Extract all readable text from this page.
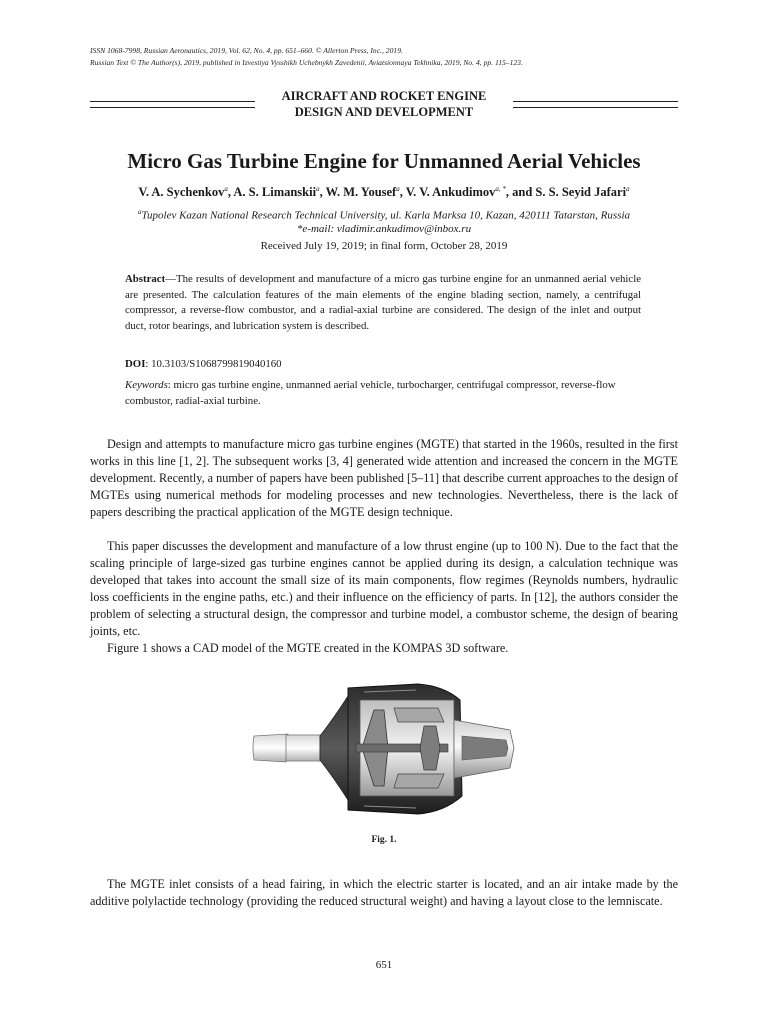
ISSN 1068-7998, Russian Aeronautics, 2019, Vol. 62, No. 4, pp. 651–660. © Allerton Press, Inc., 2019.
Russian Text © The Author(s), 2019, published in Izvestiya Vysshikh Uchebnykh Zavedenii, Aviatsionnaya Tekhnika, 2019, No. 4, pp. 115–123.
AIRCRAFT AND ROCKET ENGINE
DESIGN AND DEVELOPMENT
Micro Gas Turbine Engine for Unmanned Aerial Vehicles
V. A. Sychenkov$^a$, A. S. Limanskii$^a$, W. M. Yousef$^a$, V. V. Ankudimov$^{a, *}$, and S. S. Seyid Jafari$^a$
$^a$Tupolev Kazan National Research Technical University, ul. Karla Marksa 10, Kazan, 420111 Tatarstan, Russia
*e-mail: vladimir.ankudimov@inbox.ru
Received July 19, 2019; in final form, October 28, 2019
Abstract—The results of development and manufacture of a micro gas turbine engine for an unmanned aerial vehicle are presented. The calculation features of the main elements of the engine blading section, namely, a centrifugal compressor, a reverse-flow combustor, and a radial-axial turbine are considered. The design of the inlet and output duct, rotor bearings, and lubrication system is described.
DOI: 10.3103/S1068799819040160
Keywords: micro gas turbine engine, unmanned aerial vehicle, turbocharger, centrifugal compressor, reverse-flow combustor, radial-axial turbine.
Design and attempts to manufacture micro gas turbine engines (MGTE) that started in the 1960s, resulted in the first works in this line [1, 2]. The subsequent works [3, 4] generated wide attention and increased the concern in the MGTE development. Recently, a number of papers have been published [5–11] that describe current approaches to the design of MGTEs using numerical methods for modeling processes and new technologies. Nevertheless, there is the lack of papers describing the practical application of the MGTE design technique.
This paper discusses the development and manufacture of a low thrust engine (up to 100 N). Due to the fact that the scaling principle of large-sized gas turbine engines cannot be applied during its design, a calculation technique was developed that takes into account the small size of its main components, flow regimes (Reynolds numbers, hydraulic loss coefficients in the engine paths, etc.) and their influence on the efficiency of parts. In [12], the authors consider the problem of selecting a structural design, the compressor and turbine model, a combustor scheme, the design of bearing joints, etc.
Figure 1 shows a CAD model of the MGTE created in the KOMPAS 3D software.
Fig. 1.
The MGTE inlet consists of a head fairing, in which the electric starter is located, and an air intake made by the additive polylactide technology (providing the reduced structural weight) and having a layout close to the lemniscate.
651
